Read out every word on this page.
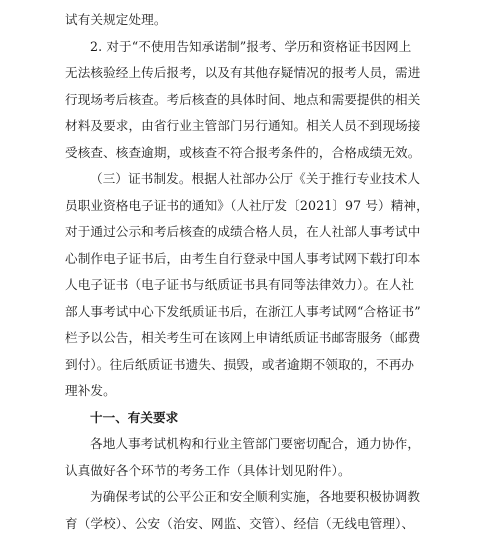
试有关规定处理。

2. 对于“不使用告知承诺制”报考、学历和资格证书因网上
无法核验经上传后报考，以及有其他存疑情况的报考人员，需进
行现场考后核查。考后核查的具体时间、地点和需要提供的相关
材料及要求，由省行业主管部门另行通知。相关人员不到现场接
受核查、核查逾期，或核查不符合报考条件的，合格成绩无效。

（三）证书制发。根据人社部办公厅《关于推行专业技术人
员职业资格电子证书的通知》（人社厅发〔2021〕97 号）精神，
对于通过公示和考后核查的成绩合格人员，在人社部人事考试中
心制作电子证书后，由考生自行登录中国人事考试网下载打印本
人电子证书（电子证书与纸质证书具有同等法律效力）。在人社
部人事考试中心下发纸质证书后，在浙江人事考试网“合格证书”
栏予以公告，相关考生可在该网上申请纸质证书邮寄服务（邮费
到付）。往后纸质证书遗失、损毁，或者逾期不领取的，不再办
理补发。

十一、有关要求

各地人事考试机构和行业主管部门要密切配合，通力协作，
认真做好各个环节的考务工作（具体计划见附件）。

为确保考试的公平公正和安全顺利实施，各地要积极协调教
育（学校）、公安（治安、网监、交管）、经信（无线电管理）、
